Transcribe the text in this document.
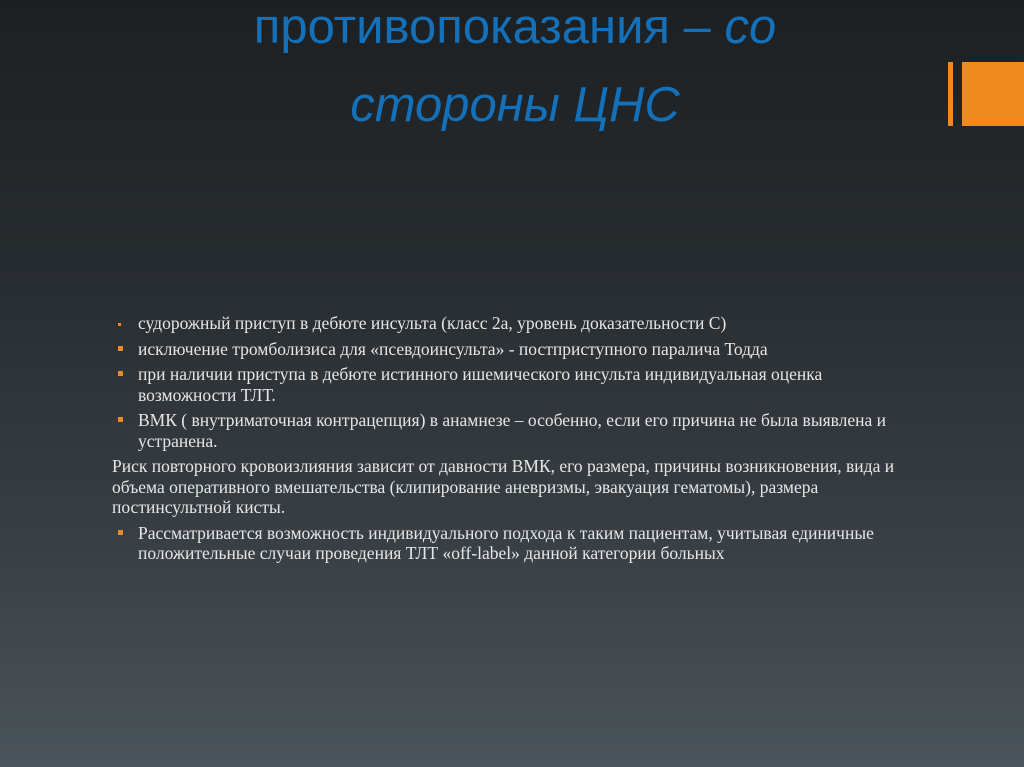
противопоказания – со
стороны ЦНС
судорожный приступ в дебюте инсульта (класс 2а, уровень доказательности С)
исключение тромболизиса для «псевдоинсульта» - постприступного паралича Тодда
при наличии приступа в дебюте истинного ишемического инсульта индивидуальная оценка возможности ТЛТ.
ВМК ( внутриматочная контрацепция) в анамнезе – особенно, если его причина не была выявлена и устранена.
Риск повторного кровоизлияния зависит от давности ВМК, его размера, причины возникновения, вида и объема оперативного вмешательства (клипирование аневризмы, эвакуация гематомы), размера постинсультной кисты.
Рассматривается возможность индивидуального подхода к таким пациентам, учитывая единичные положительные случаи проведения ТЛТ «off-label» данной категории больных
